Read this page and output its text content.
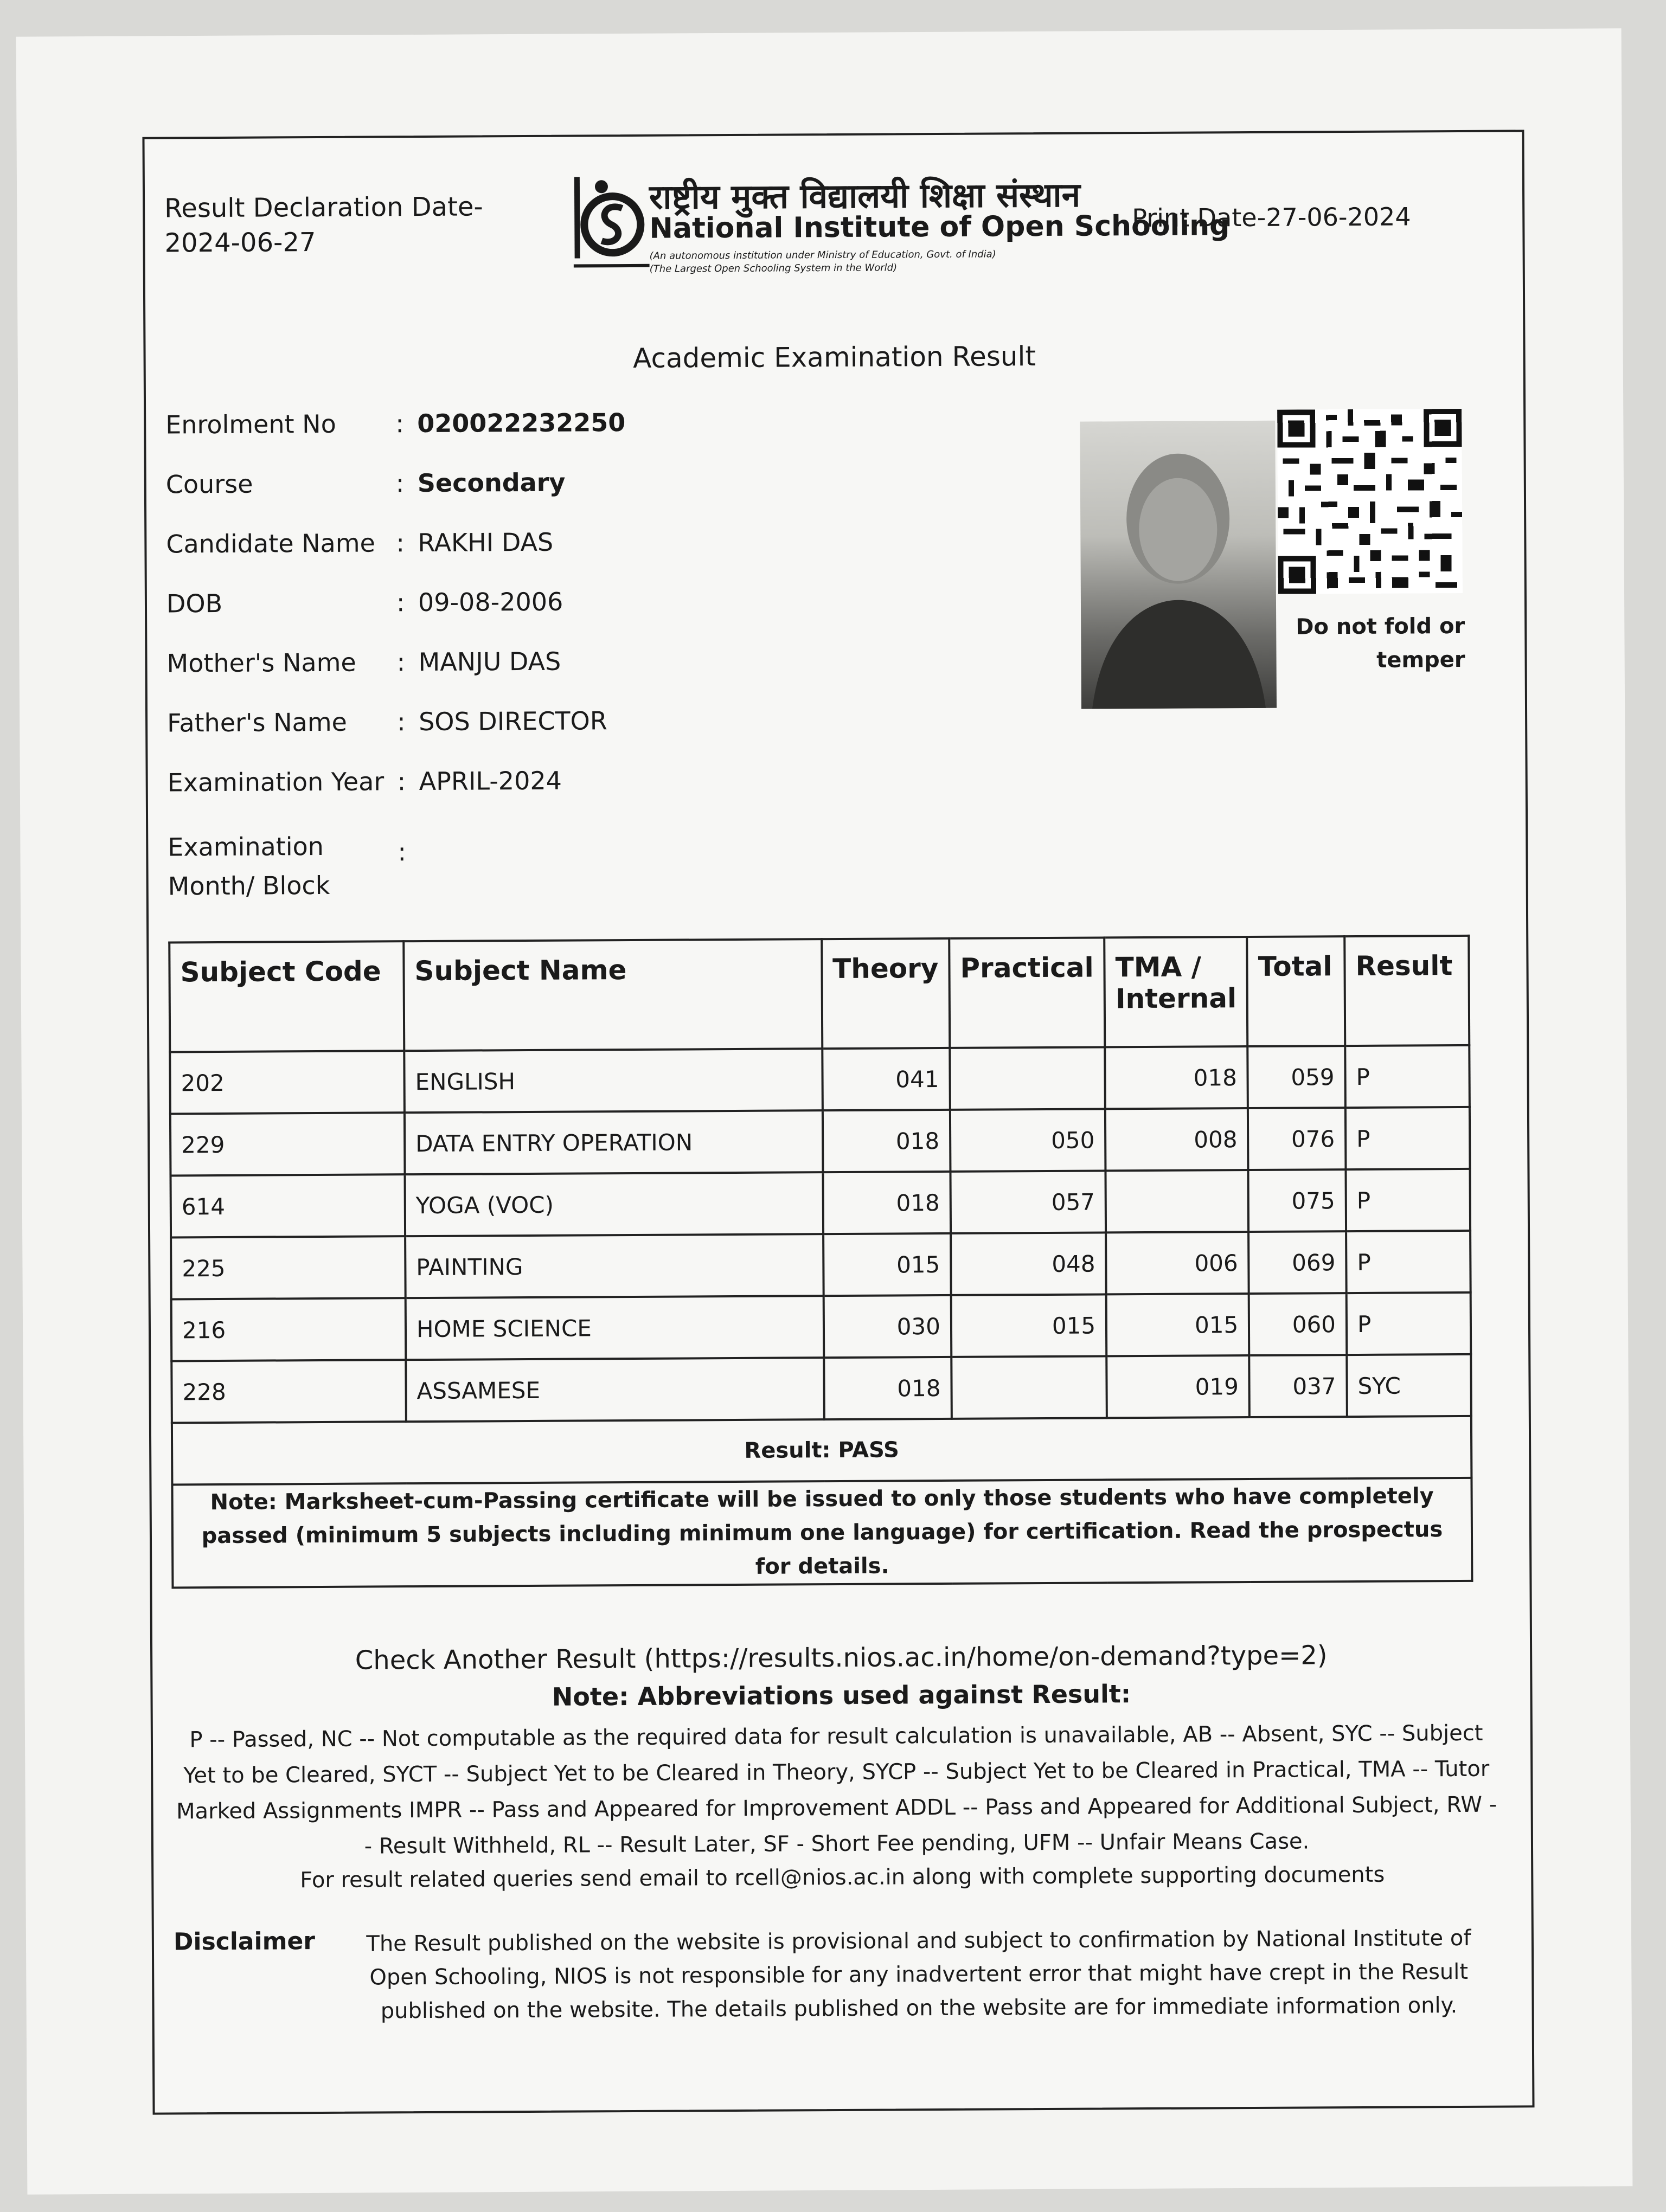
Result Declaration Date-
2024-06-27
राष्ट्रीय मुक्त विद्यालयी शिक्षा संस्थान
National Institute of Open Schooling
(An autonomous institution under Ministry of Education, Govt. of India)
(The Largest Open Schooling System in the World)
Print Date-27-06-2024
Academic Examination Result
Enrolment No	: 020022232250
Course	: Secondary
Candidate Name : RAKHI DAS
DOB	: 09-08-2006
Mother's Name	: MANJU DAS
Father's Name	: SOS DIRECTOR
Examination Year : APRIL-2024
Examination Month/ Block
:
Do not fold or
temper
Subject Code	Subject Name	Theory	Practical	TMA / Internal	Total	Result
202	ENGLISH	041		018	059	P
229	DATA ENTRY OPERATION	018	050	008	076	P
614	YOGA (VOC)	018	057		075	P
225	PAINTING	015	048	006	069	P
216	HOME SCIENCE	030	015	015	060	P
228	ASSAMESE	018		019	037	SYC
Result: PASS						
Note: Marksheet-cum-Passing certificate will be issued to only those students who have completely passed (minimum 5 subjects including minimum one language) for certification. Read the prospectus for details.						
Check Another Result (https://results.nios.ac.in/home/on-demand?type=2)
Note: Abbreviations used against Result:
P -- Passed, NC -- Not computable as the required data for result calculation is unavailable, AB -- Absent, SYC -- Subject Yet to be Cleared, SYCT -- Subject Yet to be Cleared in Theory, SYCP -- Subject Yet to be Cleared in Practical, TMA -- Tutor Marked Assignments IMPR -- Pass and Appeared for Improvement ADDL -- Pass and Appeared for Additional Subject, RW -- Result Withheld, RL -- Result Later, SF - Short Fee pending, UFM -- Unfair Means Case.
For result related queries send email to rcell@nios.ac.in along with complete supporting documents
Disclaimer	The Result published on the website is provisional and subject to confirmation by National Institute of Open Schooling, NIOS is not responsible for any inadvertent error that might have crept in the Result published on the website. The details published on the website are for immediate information only.
